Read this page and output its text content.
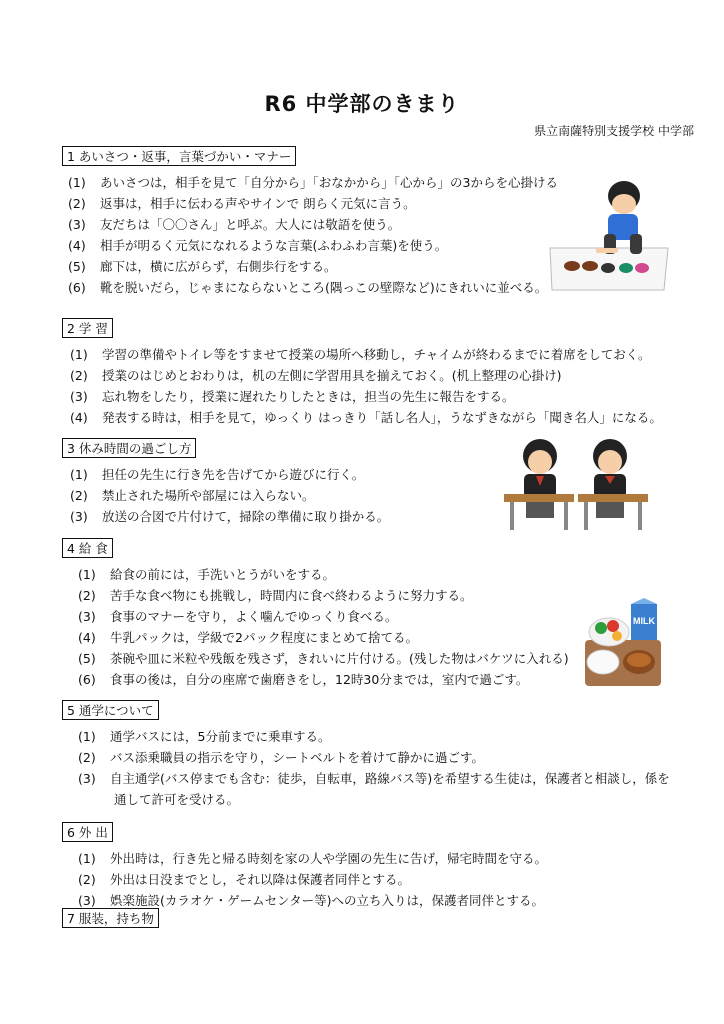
R6 中学部のきまり
県立南薩特別支援学校 中学部
1 あいさつ・返事，言葉づかい・マナー
(1) あいさつは，相手を見て「自分から」「おなかから」「心から」の3からを心掛ける
(2) 返事は，相手に伝わる声やサインで 朗らく元気に言う。
(3) 友だちは「〇〇さん」と呼ぶ。大人には敬語を使う。
(4) 相手が明るく元気になれるような言葉(ふわふわ言葉)を使う。
(5) 廊下は，横に広がらず，右側歩行をする。
(6) 靴を脱いだら，じゃまにならないところ(隅っこの壁際など)にきれいに並べる。
2 学 習
(1) 学習の準備やトイレ等をすませて授業の場所へ移動し，チャイムが終わるまでに着席をしておく。
(2) 授業のはじめとおわりは，机の左側に学習用具を揃えておく。(机上整理の心掛け)
(3) 忘れ物をしたり，授業に遅れたりしたときは，担当の先生に報告をする。
(4) 発表する時は，相手を見て，ゆっくり はっきり「話し名人」，うなずきながら「聞き名人」になる。
3 休み時間の過ごし方
(1) 担任の先生に行き先を告げてから遊びに行く。
(2) 禁止された場所や部屋には入らない。
(3) 放送の合図で片付けて，掃除の準備に取り掛かる。
4 給 食
(1) 給食の前には，手洗いとうがいをする。
(2) 苦手な食べ物にも挑戦し，時間内に食べ終わるように努力する。
(3) 食事のマナーを守り，よく噛んでゆっくり食べる。
(4) 牛乳パックは，学級で2パック程度にまとめて捨てる。
(5) 茶碗や皿に米粒や残飯を残さず，きれいに片付ける。(残した物はバケツに入れる)
(6) 食事の後は，自分の座席で歯磨きをし，12時30分までは，室内で過ごす。
5 通学について
(1) 通学バスには，5分前までに乗車する。
(2) バス添乗職員の指示を守り，シートベルトを着けて静かに過ごす。
(3) 自主通学(バス停までも含む：徒歩，自転車，路線バス等)を希望する生徒は，保護者と相談し，係を
通して許可を受ける。
6 外 出
(1) 外出時は，行き先と帰る時刻を家の人や学園の先生に告げ，帰宅時間を守る。
(2) 外出は日没までとし，それ以降は保護者同伴とする。
(3) 娯楽施設(カラオケ・ゲームセンター等)への立ち入りは，保護者同伴とする。
7 服装，持ち物
MILK
